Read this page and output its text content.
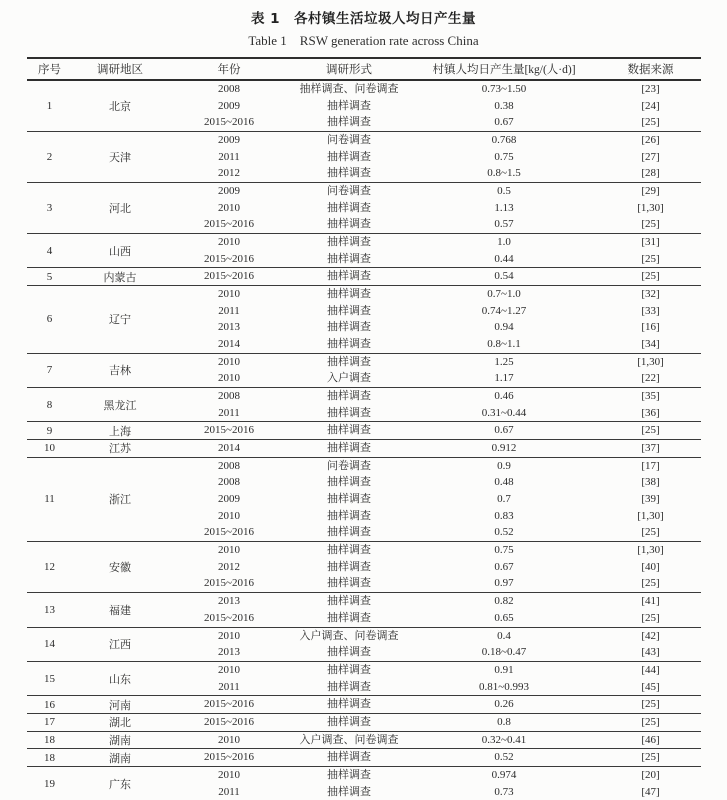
表 1　各村镇生活垃圾人均日产生量
Table 1    RSW generation rate across China
序号	调研地区	年份	调研形式	村镇人均日产生量[kg/(人·d)]	数据来源
1	北京
2008	抽样调查、问卷调查	0.73~1.50	[23]
2009	抽样调查	0.38	[24]
2015~2016	抽样调查	0.67	[25]
2	天津
2009	问卷调查	0.768	[26]
2011	抽样调查	0.75	[27]
2012	抽样调查	0.8~1.5	[28]
3	河北
2009	问卷调查	0.5	[29]
2010	抽样调查	1.13	[1,30]
2015~2016	抽样调查	0.57	[25]
4	山西
2010	抽样调查	1.0	[31]
2015~2016	抽样调查	0.44	[25]
5	内蒙古	2015~2016	抽样调查	0.54	[25]
6	辽宁
2010	抽样调查	0.7~1.0	[32]
2011	抽样调查	0.74~1.27	[33]
2013	抽样调查	0.94	[16]
2014	抽样调查	0.8~1.1	[34]
7	吉林
2010	抽样调查	1.25	[1,30]
2010	入户调查	1.17	[22]
8	黑龙江
2008	抽样调查	0.46	[35]
2011	抽样调查	0.31~0.44	[36]
9	上海	2015~2016	抽样调查	0.67	[25]
10	江苏	2014	抽样调查	0.912	[37]
11	浙江
2008	问卷调查	0.9	[17]
2008	抽样调查	0.48	[38]
2009	抽样调查	0.7	[39]
2010	抽样调查	0.83	[1,30]
2015~2016	抽样调查	0.52	[25]
12	安徽
2010	抽样调查	0.75	[1,30]
2012	抽样调查	0.67	[40]
2015~2016	抽样调查	0.97	[25]
13	福建
2013	抽样调查	0.82	[41]
2015~2016	抽样调查	0.65	[25]
14	江西
2010	入户调查、问卷调查	0.4	[42]
2013	抽样调查	0.18~0.47	[43]
15	山东
2010	抽样调查	0.91	[44]
2011	抽样调查	0.81~0.993	[45]
16	河南	2015~2016	抽样调查	0.26	[25]
17	湖北	2015~2016	抽样调查	0.8	[25]
18	湖南	2010	入户调查、问卷调查	0.32~0.41	[46]
18	湖南	2015~2016	抽样调查	0.52	[25]
19	广东
2010	抽样调查	0.974	[20]
2011	抽样调查	0.73	[47]
